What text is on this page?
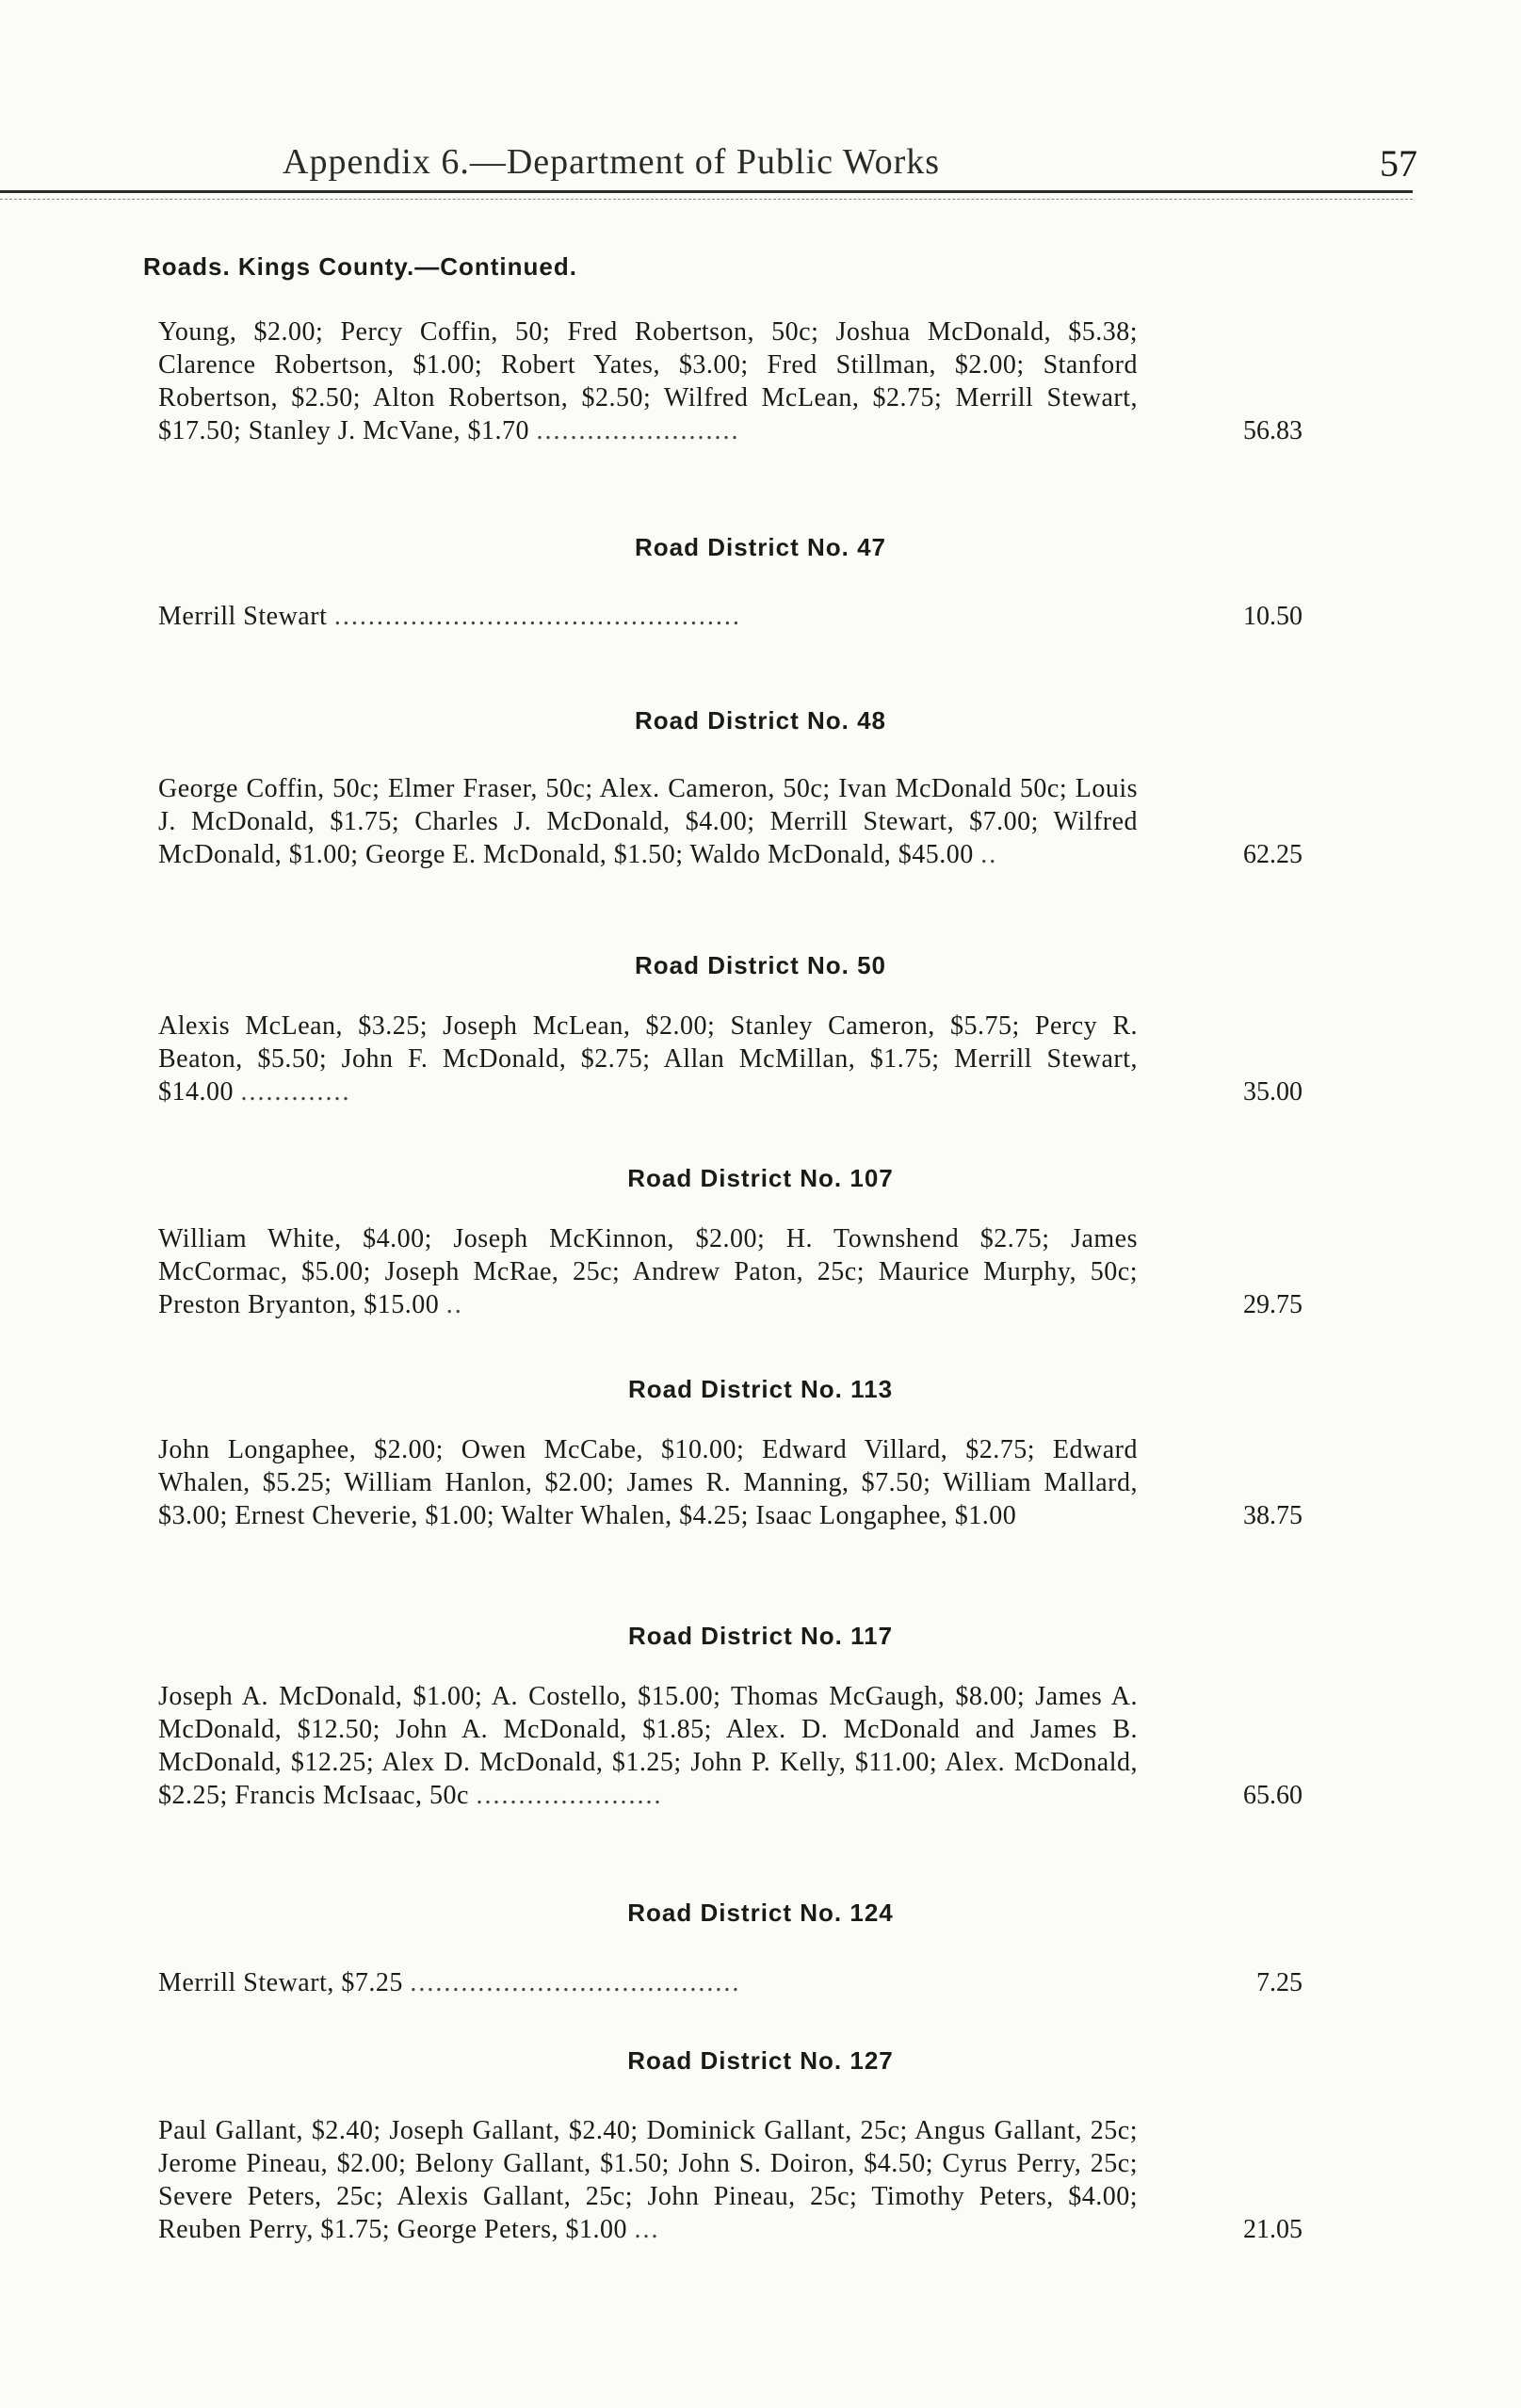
Appendix 6.—Department of Public Works	57
Roads. Kings County.—Continued.
Young, $2.00; Percy Coffin, 50; Fred Robertson, 50c; Joshua McDonald, $5.38; Clarence Robertson, $1.00; Robert Yates, $3.00; Fred Stillman, $2.00; Stanford Robertson, $2.50; Alton Robertson, $2.50; Wilfred McLean, $2.75; Merrill Stewart, $17.50; Stanley J. McVane, $1.70 ........................	56.83
Road District No. 47
Merrill Stewart ................................................	10.50
Road District No. 48
George Coffin, 50c; Elmer Fraser, 50c; Alex. Cameron, 50c; Ivan McDonald 50c; Louis J. McDonald, $1.75; Charles J. McDonald, $4.00; Merrill Stewart, $7.00; Wilfred McDonald, $1.00; George E. McDonald, $1.50; Waldo McDonald, $45.00 ..	62.25
Road District No. 50
Alexis McLean, $3.25; Joseph McLean, $2.00; Stanley Cameron, $5.75; Percy R. Beaton, $5.50; John F. McDonald, $2.75; Allan McMillan, $1.75; Merrill Stewart, $14.00 .............	35.00
Road District No. 107
William White, $4.00; Joseph McKinnon, $2.00; H. Townshend $2.75; James McCormac, $5.00; Joseph McRae, 25c; Andrew Paton, 25c; Maurice Murphy, 50c; Preston Bryanton, $15.00 ..	29.75
Road District No. 113
John Longaphee, $2.00; Owen McCabe, $10.00; Edward Villard, $2.75; Edward Whalen, $5.25; William Hanlon, $2.00; James R. Manning, $7.50; William Mallard, $3.00; Ernest Cheverie, $1.00; Walter Whalen, $4.25; Isaac Longaphee, $1.00	38.75
Road District No. 117
Joseph A. McDonald, $1.00; A. Costello, $15.00; Thomas McGaugh, $8.00; James A. McDonald, $12.50; John A. McDonald, $1.85; Alex. D. McDonald and James B. McDonald, $12.25; Alex D. McDonald, $1.25; John P. Kelly, $11.00; Alex. McDonald, $2.25; Francis McIsaac, 50c ......................	65.60
Road District No. 124
Merrill Stewart, $7.25 .......................................	7.25
Road District No. 127
Paul Gallant, $2.40; Joseph Gallant, $2.40; Dominick Gallant, 25c; Angus Gallant, 25c; Jerome Pineau, $2.00; Belony Gallant, $1.50; John S. Doiron, $4.50; Cyrus Perry, 25c; Severe Peters, 25c; Alexis Gallant, 25c; John Pineau, 25c; Timothy Peters, $4.00; Reuben Perry, $1.75; George Peters, $1.00 ...	21.05
